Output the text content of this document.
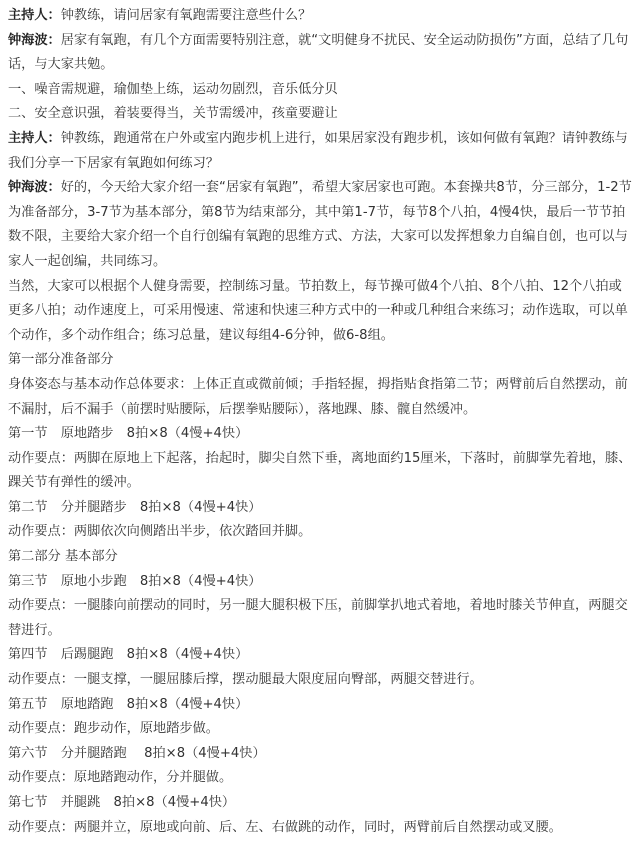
主持人：钟教练，请问居家有氧跑需要注意些什么？

钟海波：居家有氧跑，有几个方面需要特别注意，就“文明健身不扰民、安全运动防损伤”方面，总结了几句话，与大家共勉。

一、噪音需规避，瑜伽垫上练，运动勿剧烈，音乐低分贝

二、安全意识强，着装要得当，关节需缓冲，孩童要避让

主持人：钟教练，跑通常在户外或室内跑步机上进行，如果居家没有跑步机，该如何做有氧跑？请钟教练与我们分享一下居家有氧跑如何练习？

钟海波：好的，今天给大家介绍一套“居家有氧跑”，希望大家居家也可跑。本套操共8节，分三部分，1-2节为准备部分，3-7节为基本部分，第8节为结束部分，其中第1-7节，每节8个八拍，4慢4快，最后一节节拍数不限，主要给大家介绍一个自行创编有氧跑的思维方式、方法，大家可以发挥想象力自编自创，也可以与家人一起创编，共同练习。

当然，大家可以根据个人健身需要，控制练习量。节拍数上，每节操可做4个八拍、8个八拍、12个八拍或更多八拍；动作速度上，可采用慢速、常速和快速三种方式中的一种或几种组合来练习；动作选取，可以单个动作，多个动作组合；练习总量，建议每组4-6分钟，做6-8组。

第一部分准备部分

身体姿态与基本动作总体要求：上体正直或微前倾；手指轻握，拇指贴食指第二节；两臂前后自然摆动，前不漏肘，后不漏手（前摆时贴腰际，后摆拳贴腰际），落地踝、膝、髋自然缓冲。

第一节　原地踏步　8拍×8（4慢+4快）

动作要点：两脚在原地上下起落，抬起时，脚尖自然下垂，离地面约15厘米，下落时，前脚掌先着地，膝、踝关节有弹性的缓冲。

第二节　分并腿踏步　8拍×8（4慢+4快）

动作要点：两脚依次向侧踏出半步，依次踏回并脚。

第二部分 基本部分

第三节　原地小步跑　8拍×8（4慢+4快）

动作要点：一腿膝向前摆动的同时，另一腿大腿积极下压，前脚掌扒地式着地，着地时膝关节伸直，两腿交替进行。

第四节　后踢腿跑　8拍×8（4慢+4快）

动作要点：一腿支撑，一腿屈膝后撑，摆动腿最大限度屈向臀部，两腿交替进行。

第五节　原地踏跑　8拍×8（4慢+4快）

动作要点：跑步动作，原地踏步做。

第六节　分并腿踏跑　 8拍×8（4慢+4快）

动作要点：原地踏跑动作，分并腿做。

第七节　并腿跳　8拍×8（4慢+4快）

动作要点：两腿并立，原地或向前、后、左、右做跳的动作，同时，两臂前后自然摆动或叉腰。
